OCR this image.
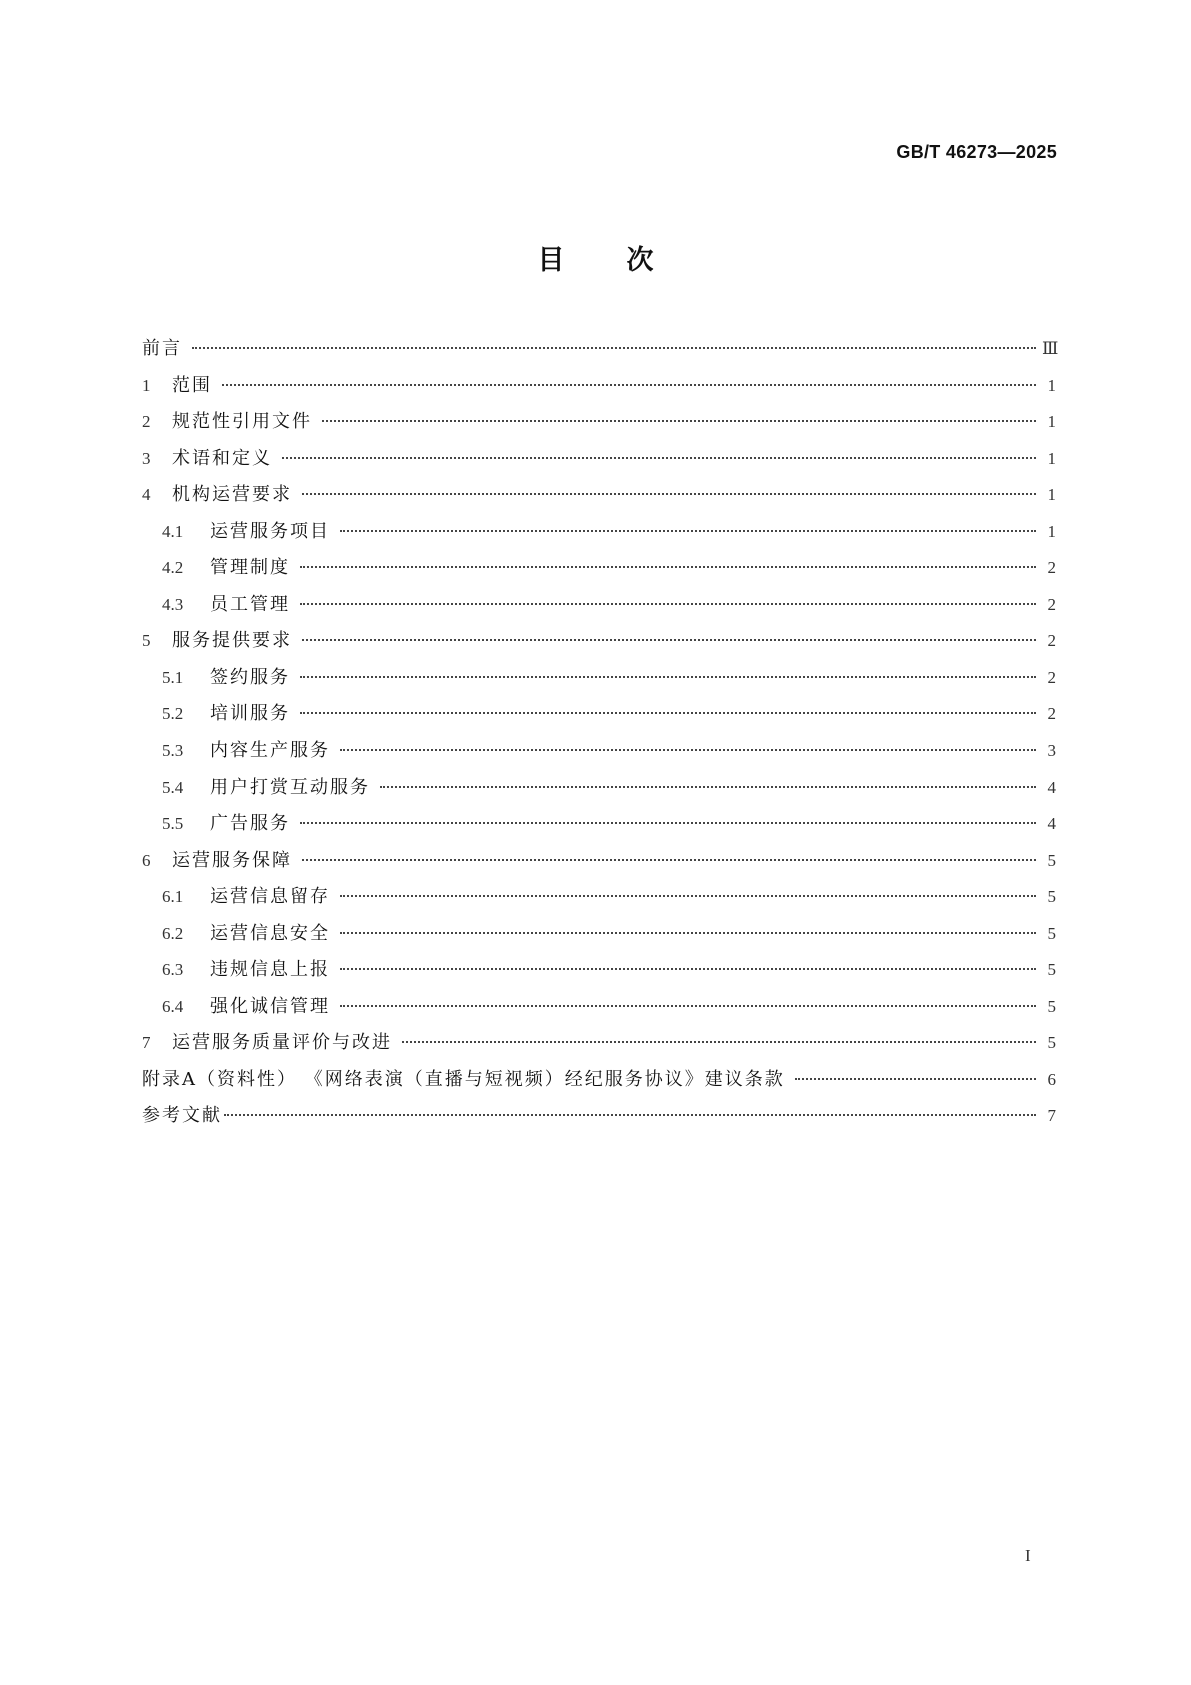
GB/T 46273—2025
目次
前言	Ⅲ
1	范围	1
2	规范性引用文件	1
3	术语和定义	1
4	机构运营要求	1
4.1	运营服务项目	1
4.2	管理制度	2
4.3	员工管理	2
5	服务提供要求	2
5.1	签约服务	2
5.2	培训服务	2
5.3	内容生产服务	3
5.4	用户打赏互动服务	4
5.5	广告服务	4
6	运营服务保障	5
6.1	运营信息留存	5
6.2	运营信息安全	5
6.3	违规信息上报	5
6.4	强化诚信管理	5
7	运营服务质量评价与改进	5
附录A（资料性） 《网络表演（直播与短视频）经纪服务协议》建议条款	6
参考文献	7
I
